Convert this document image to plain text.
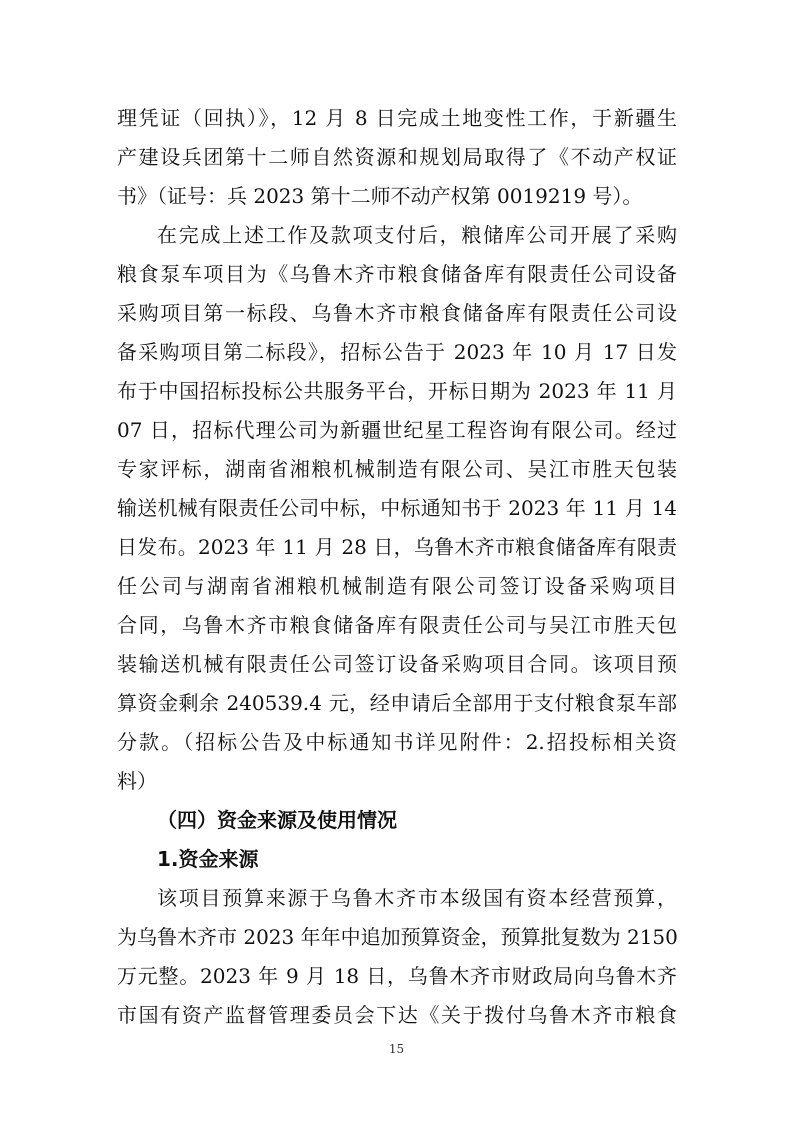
理凭证（回执）》，12 月 8 日完成土地变性工作，于新疆生
产建设兵团第十二师自然资源和规划局取得了《不动产权证
书》（证号：兵 2023 第十二师不动产权第 0019219 号）。
在完成上述工作及款项支付后，粮储库公司开展了采购
粮食泵车项目为《乌鲁木齐市粮食储备库有限责任公司设备
采购项目第一标段、乌鲁木齐市粮食储备库有限责任公司设
备采购项目第二标段》，招标公告于 2023 年 10 月 17 日发
布于中国招标投标公共服务平台，开标日期为 2023 年 11 月
07 日，招标代理公司为新疆世纪星工程咨询有限公司。经过
专家评标，湖南省湘粮机械制造有限公司、吴江市胜天包装
输送机械有限责任公司中标，中标通知书于 2023 年 11 月 14
日发布。2023 年 11 月 28 日，乌鲁木齐市粮食储备库有限责
任公司与湖南省湘粮机械制造有限公司签订设备采购项目
合同，乌鲁木齐市粮食储备库有限责任公司与吴江市胜天包
装输送机械有限责任公司签订设备采购项目合同。该项目预
算资金剩余 240539.4 元，经申请后全部用于支付粮食泵车部
分款。（招标公告及中标通知书详见附件：2.招投标相关资
料）
（四）资金来源及使用情况
1.资金来源
该项目预算来源于乌鲁木齐市本级国有资本经营预算，
为乌鲁木齐市 2023 年年中追加预算资金，预算批复数为 2150
万元整。2023 年 9 月 18 日，乌鲁木齐市财政局向乌鲁木齐
市国有资产监督管理委员会下达《关于拨付乌鲁木齐市粮食
15
